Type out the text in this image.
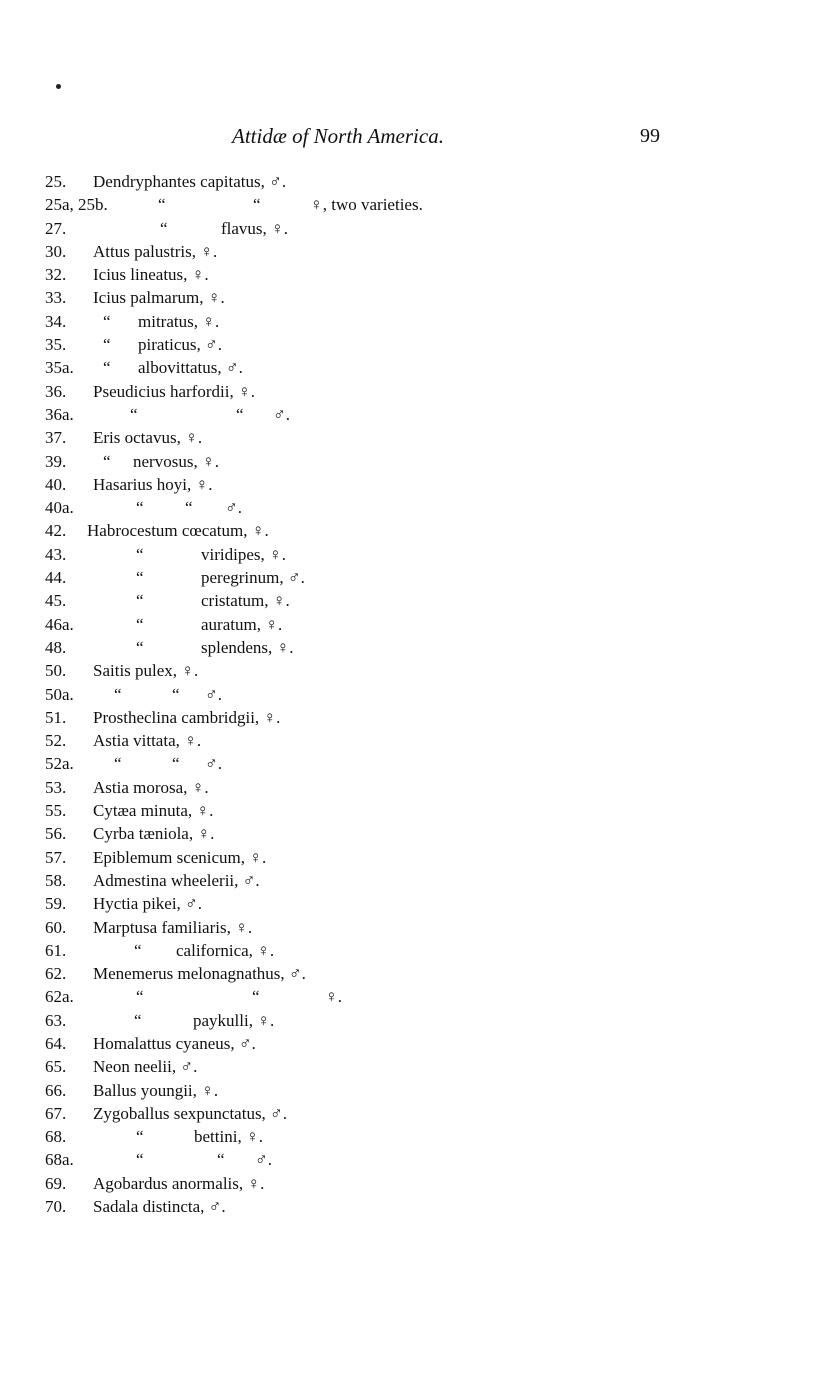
Attidæ of North America.	99
25. Dendryphantes capitatus, ♂.
25a, 25b.	“	“	♀, two varieties.
27.	“	flavus, ♀.
30. Attus palustris, ♀.
32. Icius lineatus, ♀.
33. Icius palmarum, ♀.
34. “ mitratus, ♀.
35. “ piraticus, ♂.
35a. “ albovittatus, ♂.
36. Pseudicius harfordii, ♀.
36a.	“	“ ♂.
37. Eris octavus, ♀.
39. “ nervosus, ♀.
40. Hasarius hoyi, ♀.
40a.	“ “ ♂.
42. Habrocestum cœcatum, ♀.
43.	“	viridipes, ♀.
44.	“	peregrinum, ♂.
45.	“	cristatum, ♀.
46a.	“	auratum, ♀.
48.	“	splendens, ♀.
50. Saitis pulex, ♀.
50a. “	“ ♂.
51. Prostheclina cambridgii, ♀.
52. Astia vittata, ♀.
52a. “	“ ♂.
53. Astia morosa, ♀.
55. Cytæa minuta, ♀.
56. Cyrba tæniola, ♀.
57. Epiblemum scenicum, ♀.
58. Admestina wheelerii, ♂.
59. Hyctia pikei, ♂.
60. Marptusa familiaris, ♀.
61.	“ californica, ♀.
62. Menemerus melonagnathus, ♂.
62a.	“	“	♀.
63.	“	paykulli, ♀.
64. Homalattus cyaneus, ♂.
65. Neon neelii, ♂.
66. Ballus youngii, ♀.
67. Zygoballus sexpunctatus, ♂.
68.	“	bettini, ♀.
68a.	“	“ ♂.
69. Agobardus anormalis, ♀.
70. Sadala distincta, ♂.
